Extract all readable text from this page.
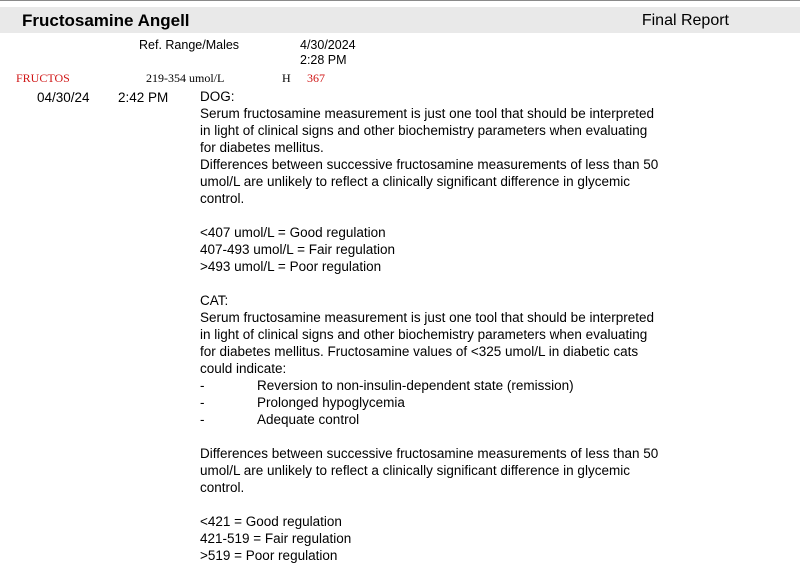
Fructosamine Angell	Final Report
Ref. Range/Males	4/30/2024
2:28 PM
FRUCTOS	219-354 umol/L	H 367
04/30/24 2:42 PM DOG:
Serum fructosamine measurement is just one tool that should be interpreted
in light of clinical signs and other biochemistry parameters when evaluating
for diabetes mellitus.
Differences between successive fructosamine measurements of less than 50
umol/L are unlikely to reflect a clinically significant difference in glycemic
control.
<407 umol/L = Good regulation
407-493 umol/L = Fair regulation
>493 umol/L = Poor regulation
CAT:
Serum fructosamine measurement is just one tool that should be interpreted
in light of clinical signs and other biochemistry parameters when evaluating
for diabetes mellitus. Fructosamine values of <325 umol/L in diabetic cats
could indicate:
-	Reversion to non-insulin-dependent state (remission)
-	Prolonged hypoglycemia
-	Adequate control
Differences between successive fructosamine measurements of less than 50
umol/L are unlikely to reflect a clinically significant difference in glycemic
control.
<421 = Good regulation
421-519 = Fair regulation
>519 = Poor regulation
